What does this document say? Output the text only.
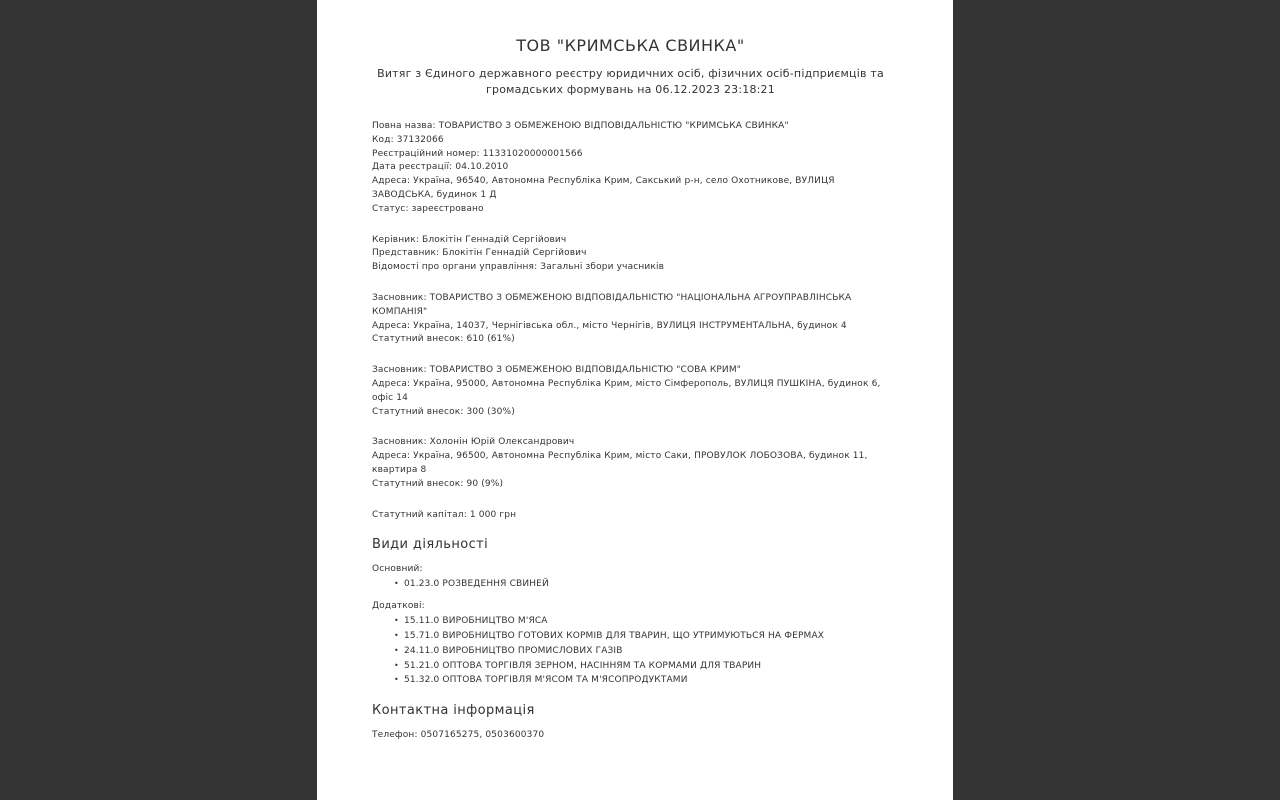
ТОВ "КРИМСЬКА СВИНКА"
Витяг з Єдиного державного реєстру юридичних осіб, фізичних осіб-підприємців та громадських формувань на 06.12.2023 23:18:21
Повна назва: ТОВАРИСТВО З ОБМЕЖЕНОЮ ВІДПОВІДАЛЬНІСТЮ "КРИМСЬКА СВИНКА"
Код: 37132066
Реєстраційний номер: 11331020000001566
Дата реєстрації: 04.10.2010
Адреса: Україна, 96540, Автономна Республіка Крим, Сакський р-н, село Охотникове, ВУЛИЦЯ ЗАВОДСЬКА, будинок 1 Д
Статус: зареєстровано
Керівник: Блокітін Геннадій Сергійович
Представник: Блокітін Геннадій Сергійович
Відомості про органи управління: Загальні збори учасників
Засновник: ТОВАРИСТВО З ОБМЕЖЕНОЮ ВІДПОВІДАЛЬНІСТЮ "НАЦІОНАЛЬНА АГРОУПРАВЛІНСЬКА КОМПАНІЯ"
Адреса: Україна, 14037, Чернігівська обл., місто Чернігів, ВУЛИЦЯ ІНСТРУМЕНТАЛЬНА, будинок 4
Статутний внесок: 610 (61%)
Засновник: ТОВАРИСТВО З ОБМЕЖЕНОЮ ВІДПОВІДАЛЬНІСТЮ "СОВА КРИМ"
Адреса: Україна, 95000, Автономна Республіка Крим, місто Сімферополь, ВУЛИЦЯ ПУШКІНА, будинок 6, офіс 14
Статутний внесок: 300 (30%)
Засновник: Холонін Юрій Олександрович
Адреса: Україна, 96500, Автономна Республіка Крим, місто Саки, ПРОВУЛОК ЛОБОЗОВА, будинок 11, квартира 8
Статутний внесок: 90 (9%)
Статутний капітал: 1 000 грн
Види діяльності
Основний:
• 01.23.0 РОЗВЕДЕННЯ СВИНЕЙ
Додаткові:
• 15.11.0 ВИРОБНИЦТВО М'ЯСА
• 15.71.0 ВИРОБНИЦТВО ГОТОВИХ КОРМІВ ДЛЯ ТВАРИН, ЩО УТРИМУЮТЬСЯ НА ФЕРМАХ
• 24.11.0 ВИРОБНИЦТВО ПРОМИСЛОВИХ ГАЗІВ
• 51.21.0 ОПТОВА ТОРГІВЛЯ ЗЕРНОМ, НАСІННЯМ ТА КОРМАМИ ДЛЯ ТВАРИН
• 51.32.0 ОПТОВА ТОРГІВЛЯ М'ЯСОМ ТА М'ЯСОПРОДУКТАМИ
Контактна інформація
Телефон: 0507165275, 0503600370
